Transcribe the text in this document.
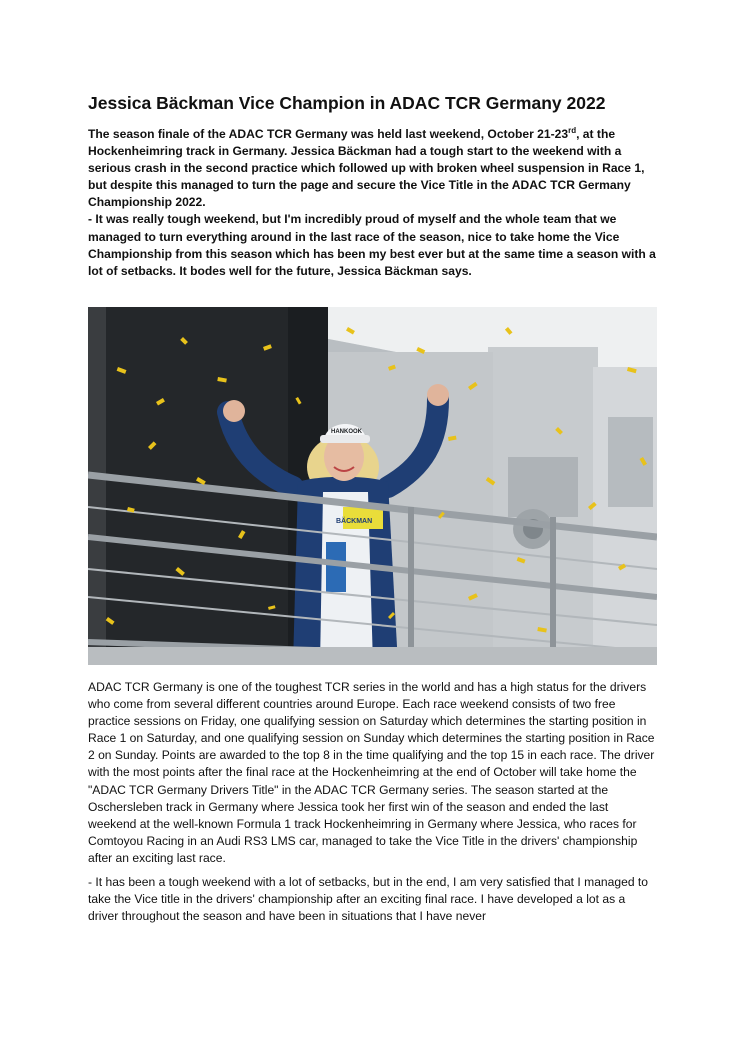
Jessica Bäckman Vice Champion in ADAC TCR Germany 2022

The season finale of the ADAC TCR Germany was held last weekend, October 21-23rd, at the Hockenheimring track in Germany. Jessica Bäckman had a tough start to the weekend with a serious crash in the second practice which followed up with broken wheel suspension in Race 1, but despite this managed to turn the page and secure the Vice Title in the ADAC TCR Germany Championship 2022.

- It was really tough weekend, but I'm incredibly proud of myself and the whole team that we managed to turn everything around in the last race of the season, nice to take home the Vice Championship from this season which has been my best ever but at the same time a season with a lot of setbacks. It bodes well for the future, Jessica Bäckman says.

BÄCKMAN
HANKOOK

ADAC TCR Germany is one of the toughest TCR series in the world and has a high status for the drivers who come from several different countries around Europe. Each race weekend consists of two free practice sessions on Friday, one qualifying session on Saturday which determines the starting position in Race 1 on Saturday, and one qualifying session on Sunday which determines the starting position in Race 2 on Sunday. Points are awarded to the top 8 in the time qualifying and the top 15 in each race. The driver with the most points after the final race at the Hockenheimring at the end of October will take home the "ADAC TCR Germany Drivers Title" in the ADAC TCR Germany series. The season started at the Oschersleben track in Germany where Jessica took her first win of the season and ended the last weekend at the well-known Formula 1 track Hockenheimring in Germany where Jessica, who races for Comtoyou Racing in an Audi RS3 LMS car, managed to take the Vice Title in the drivers' championship after an exciting last race.

- It has been a tough weekend with a lot of setbacks, but in the end, I am very satisfied that I managed to take the Vice title in the drivers' championship after an exciting final race. I have developed a lot as a driver throughout the season and have been in situations that I have never
